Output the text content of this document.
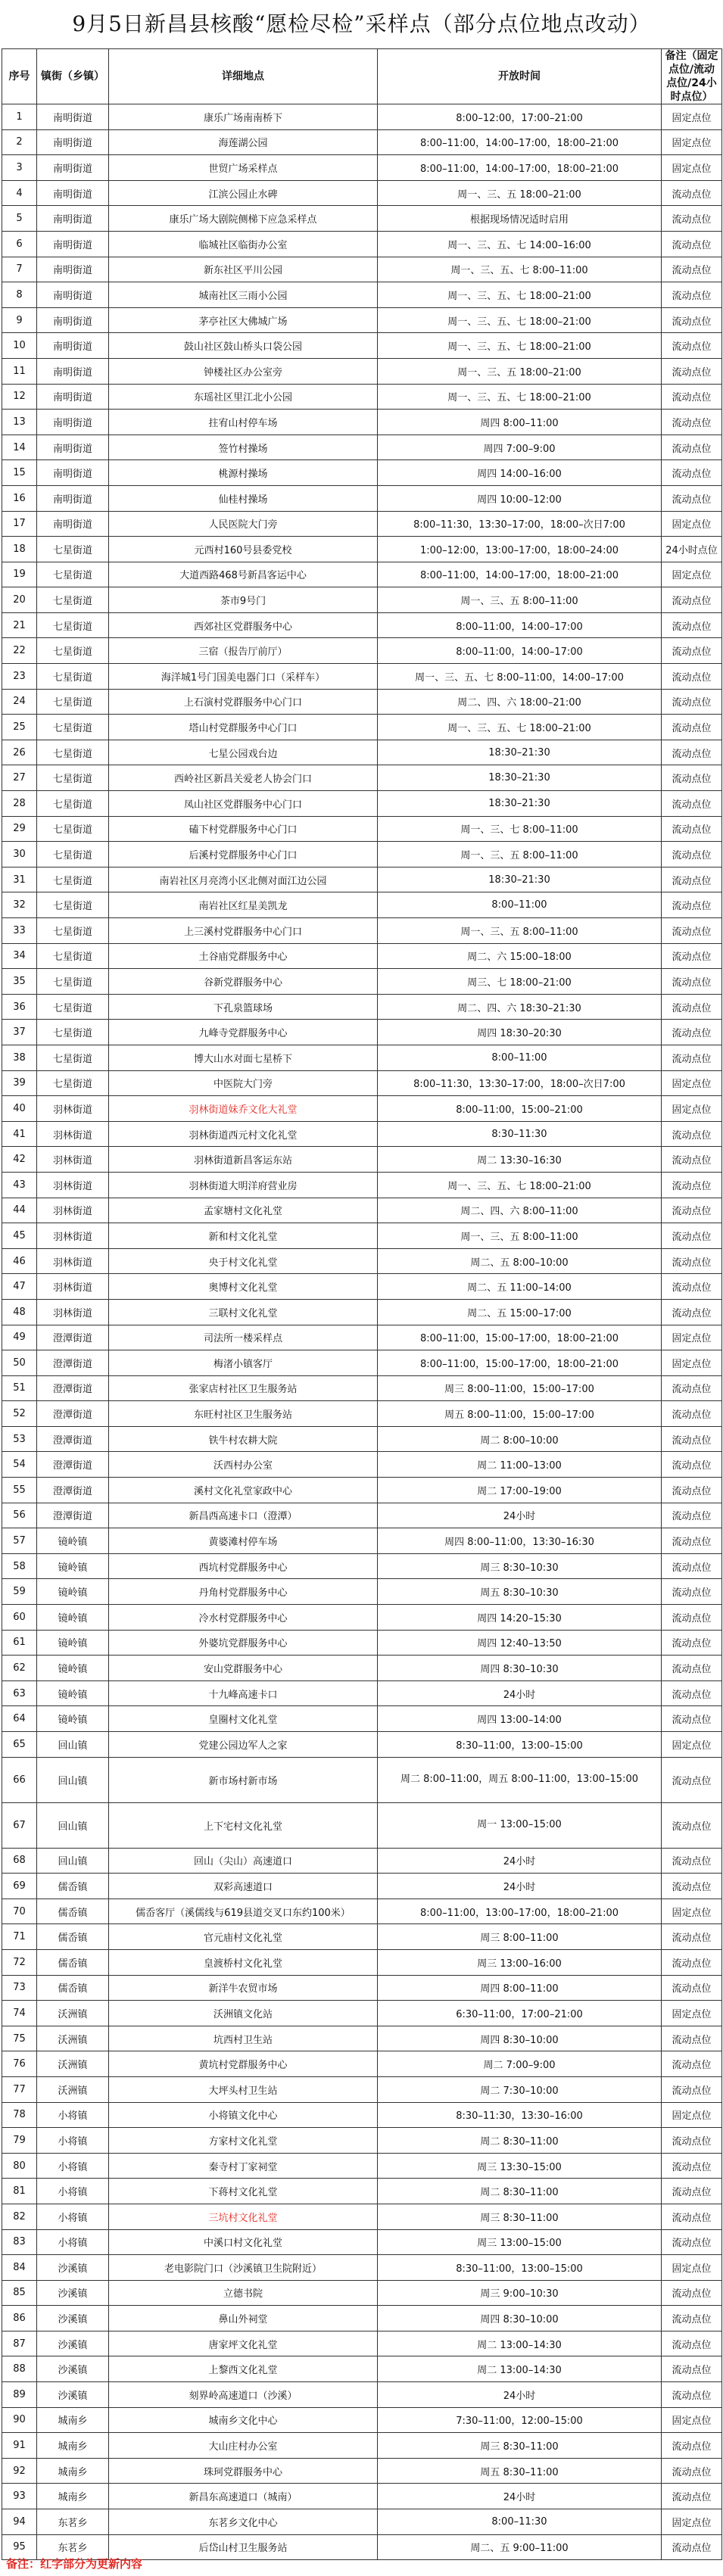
9月5日新昌县核酸“愿检尽检”采样点（部分点位地点改动）
序号	镇街（乡镇）	详细地点	开放时间	备注（固定点位/流动点位/24小时点位）
1	南明街道	康乐广场南南桥下	8:00–12:00，17:00–21:00	固定点位
2	南明街道	海莲湖公园	8:00–11:00，14:00–17:00，18:00–21:00	固定点位
3	南明街道	世贸广场采样点	8:00–11:00，14:00–17:00，18:00–21:00	固定点位
4	南明街道	江滨公园止水碑	周一、三、五 18:00–21:00	流动点位
5	南明街道	康乐广场大剧院侧梯下应急采样点	根据现场情况适时启用	流动点位
6	南明街道	临城社区临街办公室	周一、三、五、七 14:00–16:00	流动点位
7	南明街道	新东社区平川公园	周一、三、五、七 8:00–11:00	流动点位
8	南明街道	城南社区三雨小公园	周一、三、五、七 18:00–21:00	流动点位
9	南明街道	茅亭社区大佛城广场	周一、三、五、七 18:00–21:00	流动点位
10	南明街道	鼓山社区鼓山桥头口袋公园	周一、三、五、七 18:00–21:00	流动点位
11	南明街道	钟楼社区办公室旁	周一、三、五 18:00–21:00	流动点位
12	南明街道	东瑶社区里江北小公园	周一、三、五、七 18:00–21:00	流动点位
13	南明街道	拄宥山村停车场	周四 8:00–11:00	流动点位
14	南明街道	签竹村操场	周四 7:00–9:00	流动点位
15	南明街道	桃源村操场	周四 14:00–16:00	流动点位
16	南明街道	仙桂村操场	周四 10:00–12:00	流动点位
17	南明街道	人民医院大门旁	8:00–11:30，13:30–17:00，18:00–次日7:00	固定点位
18	七星街道	元西村160号县委党校	1:00–12:00，13:00–17:00，18:00–24:00	24小时点位
19	七星街道	大道西路468号新昌客运中心	8:00–11:00，14:00–17:00，18:00–21:00	固定点位
20	七星街道	茶市9号门	周一、三、五 8:00–11:00	流动点位
21	七星街道	西郊社区党群服务中心	8:00–11:00，14:00–17:00	流动点位
22	七星街道	三宿（报告厅前厅）	8:00–11:00，14:00–17:00	流动点位
23	七星街道	海洋城1号门国美电器门口（采样车）	周一、三、五、七 8:00–11:00，14:00–17:00	流动点位
24	七星街道	上石演村党群服务中心门口	周二、四、六 18:00–21:00	流动点位
25	七星街道	塔山村党群服务中心门口	周一、三、五、七 18:00–21:00	流动点位
26	七星街道	七星公园戏台边	18:30–21:30	流动点位
27	七星街道	西岭社区新昌关爱老人协会门口	18:30–21:30	流动点位
28	七星街道	凤山社区党群服务中心门口	18:30–21:30	流动点位
29	七星街道	磕下村党群服务中心门口	周一、三、七 8:00–11:00	流动点位
30	七星街道	后溪村党群服务中心门口	周一、三、五 8:00–11:00	流动点位
31	七星街道	南岩社区月亮湾小区北侧对面江边公园	18:30–21:30	流动点位
32	七星街道	南岩社区红星美凯龙	8:00–11:00	流动点位
33	七星街道	上三溪村党群服务中心门口	周一、三、五 8:00–11:00	流动点位
34	七星街道	土谷庙党群服务中心	周二、六 15:00–18:00	流动点位
35	七星街道	谷新党群服务中心	周三、七 18:00–21:00	流动点位
36	七星街道	下孔泉篮球场	周二、四、六 18:30–21:30	流动点位
37	七星街道	九峰寺党群服务中心	周四 18:30–20:30	流动点位
38	七星街道	博大山水对面七星桥下	8:00–11:00	流动点位
39	七星街道	中医院大门旁	8:00–11:30，13:30–17:00，18:00–次日7:00	固定点位
40	羽林街道	羽林街道妹乔文化大礼堂	8:00–11:00，15:00–21:00	固定点位
41	羽林街道	羽林街道西元村文化礼堂	8:30–11:30	流动点位
42	羽林街道	羽林街道新昌客运东站	周二 13:30–16:30	流动点位
43	羽林街道	羽林街道大明洋府营业房	周一、三、五、七 18:00–21:00	流动点位
44	羽林街道	孟家塘村文化礼堂	周二、四、六 8:00–11:00	流动点位
45	羽林街道	新和村文化礼堂	周一、三、五 8:00–11:00	流动点位
46	羽林街道	央于村文化礼堂	周二、五 8:00–10:00	流动点位
47	羽林街道	奥博村文化礼堂	周二、五 11:00–14:00	流动点位
48	羽林街道	三联村文化礼堂	周二、五 15:00–17:00	流动点位
49	澄潭街道	司法所一楼采样点	8:00–11:00，15:00–17:00，18:00–21:00	固定点位
50	澄潭街道	梅渚小镇客厅	8:00–11:00，15:00–17:00，18:00–21:00	固定点位
51	澄潭街道	张家店村社区卫生服务站	周三 8:00–11:00，15:00–17:00	流动点位
52	澄潭街道	东旺村社区卫生服务站	周五 8:00–11:00，15:00–17:00	流动点位
53	澄潭街道	铁牛村农耕大院	周二 8:00–10:00	流动点位
54	澄潭街道	沃西村办公室	周二 11:00–13:00	流动点位
55	澄潭街道	溪村文化礼堂家政中心	周二 17:00–19:00	流动点位
56	澄潭街道	新昌西高速卡口（澄潭）	24小时	流动点位
57	镜岭镇	黄婆滩村停车场	周四 8:00–11:00，13:30–16:30	流动点位
58	镜岭镇	西坑村党群服务中心	周三 8:30–10:30	流动点位
59	镜岭镇	丹角村党群服务中心	周五 8:30–10:30	流动点位
60	镜岭镇	冷水村党群服务中心	周四 14:20–15:30	流动点位
61	镜岭镇	外婆坑党群服务中心	周四 12:40–13:50	流动点位
62	镜岭镇	安山党群服务中心	周四 8:30–10:30	流动点位
63	镜岭镇	十九峰高速卡口	24小时	流动点位
64	镜岭镇	皇圈村文化礼堂	周四 13:00–14:00	流动点位
65	回山镇	党建公园边军人之家	8:30–11:00，13:00–15:00	固定点位
66	回山镇	新市场村新市场	周二 8:00–11:00，周五 8:00–11:00，13:00–15:00	流动点位
67	回山镇	上下宅村文化礼堂	周一 13:00–15:00	流动点位
68	回山镇	回山（尖山）高速道口	24小时	流动点位
69	儒岙镇	双彩高速道口	24小时	流动点位
70	儒岙镇	儒岙客厅（溪儒线与619县道交叉口东约100米）	8:00–11:00，13:00–17:00，18:00–21:00	固定点位
71	儒岙镇	官元庙村文化礼堂	周三 8:00–11:00	流动点位
72	儒岙镇	皇渡桥村文化礼堂	周三 13:00–16:00	流动点位
73	儒岙镇	新洋牛农贸市场	周四 8:00–11:00	流动点位
74	沃洲镇	沃洲镇文化站	6:30–11:00，17:00–21:00	固定点位
75	沃洲镇	坑西村卫生站	周四 8:30–10:00	流动点位
76	沃洲镇	黄坑村党群服务中心	周二 7:00–9:00	流动点位
77	沃洲镇	大坪头村卫生站	周二 7:30–10:00	流动点位
78	小将镇	小将镇文化中心	8:30–11:30，13:30–16:00	固定点位
79	小将镇	方家村文化礼堂	周二 8:30–11:00	流动点位
80	小将镇	秦寺村丁家祠堂	周三 13:30–15:00	流动点位
81	小将镇	下蒋村文化礼堂	周二 8:30–11:00	流动点位
82	小将镇	三坑村文化礼堂	周三 8:30–11:00	流动点位
83	小将镇	中溪口村文化礼堂	周三 13:00–15:00	流动点位
84	沙溪镇	老电影院门口（沙溪镇卫生院附近）	8:30–11:00，13:00–15:00	固定点位
85	沙溪镇	立德书院	周三 9:00–10:30	流动点位
86	沙溪镇	鼻山外祠堂	周四 8:30–10:00	流动点位
87	沙溪镇	唐家坪文化礼堂	周二 13:00–14:30	流动点位
88	沙溪镇	上黎西文化礼堂	周二 13:00–14:30	流动点位
89	沙溪镇	刻界岭高速道口（沙溪）	24小时	流动点位
90	城南乡	城南乡文化中心	7:30–11:00，12:00–15:00	固定点位
91	城南乡	大山庄村办公室	周三 8:30–11:00	流动点位
92	城南乡	珠珂党群服务中心	周五 8:30–11:00	流动点位
93	城南乡	新昌东高速道口（城南）	24小时	流动点位
94	东茗乡	东茗乡文化中心	8:00–11:30	固定点位
95	东茗乡	后岱山村卫生服务站	周二、五 9:00–11:00	流动点位
备注：红字部分为更新内容
